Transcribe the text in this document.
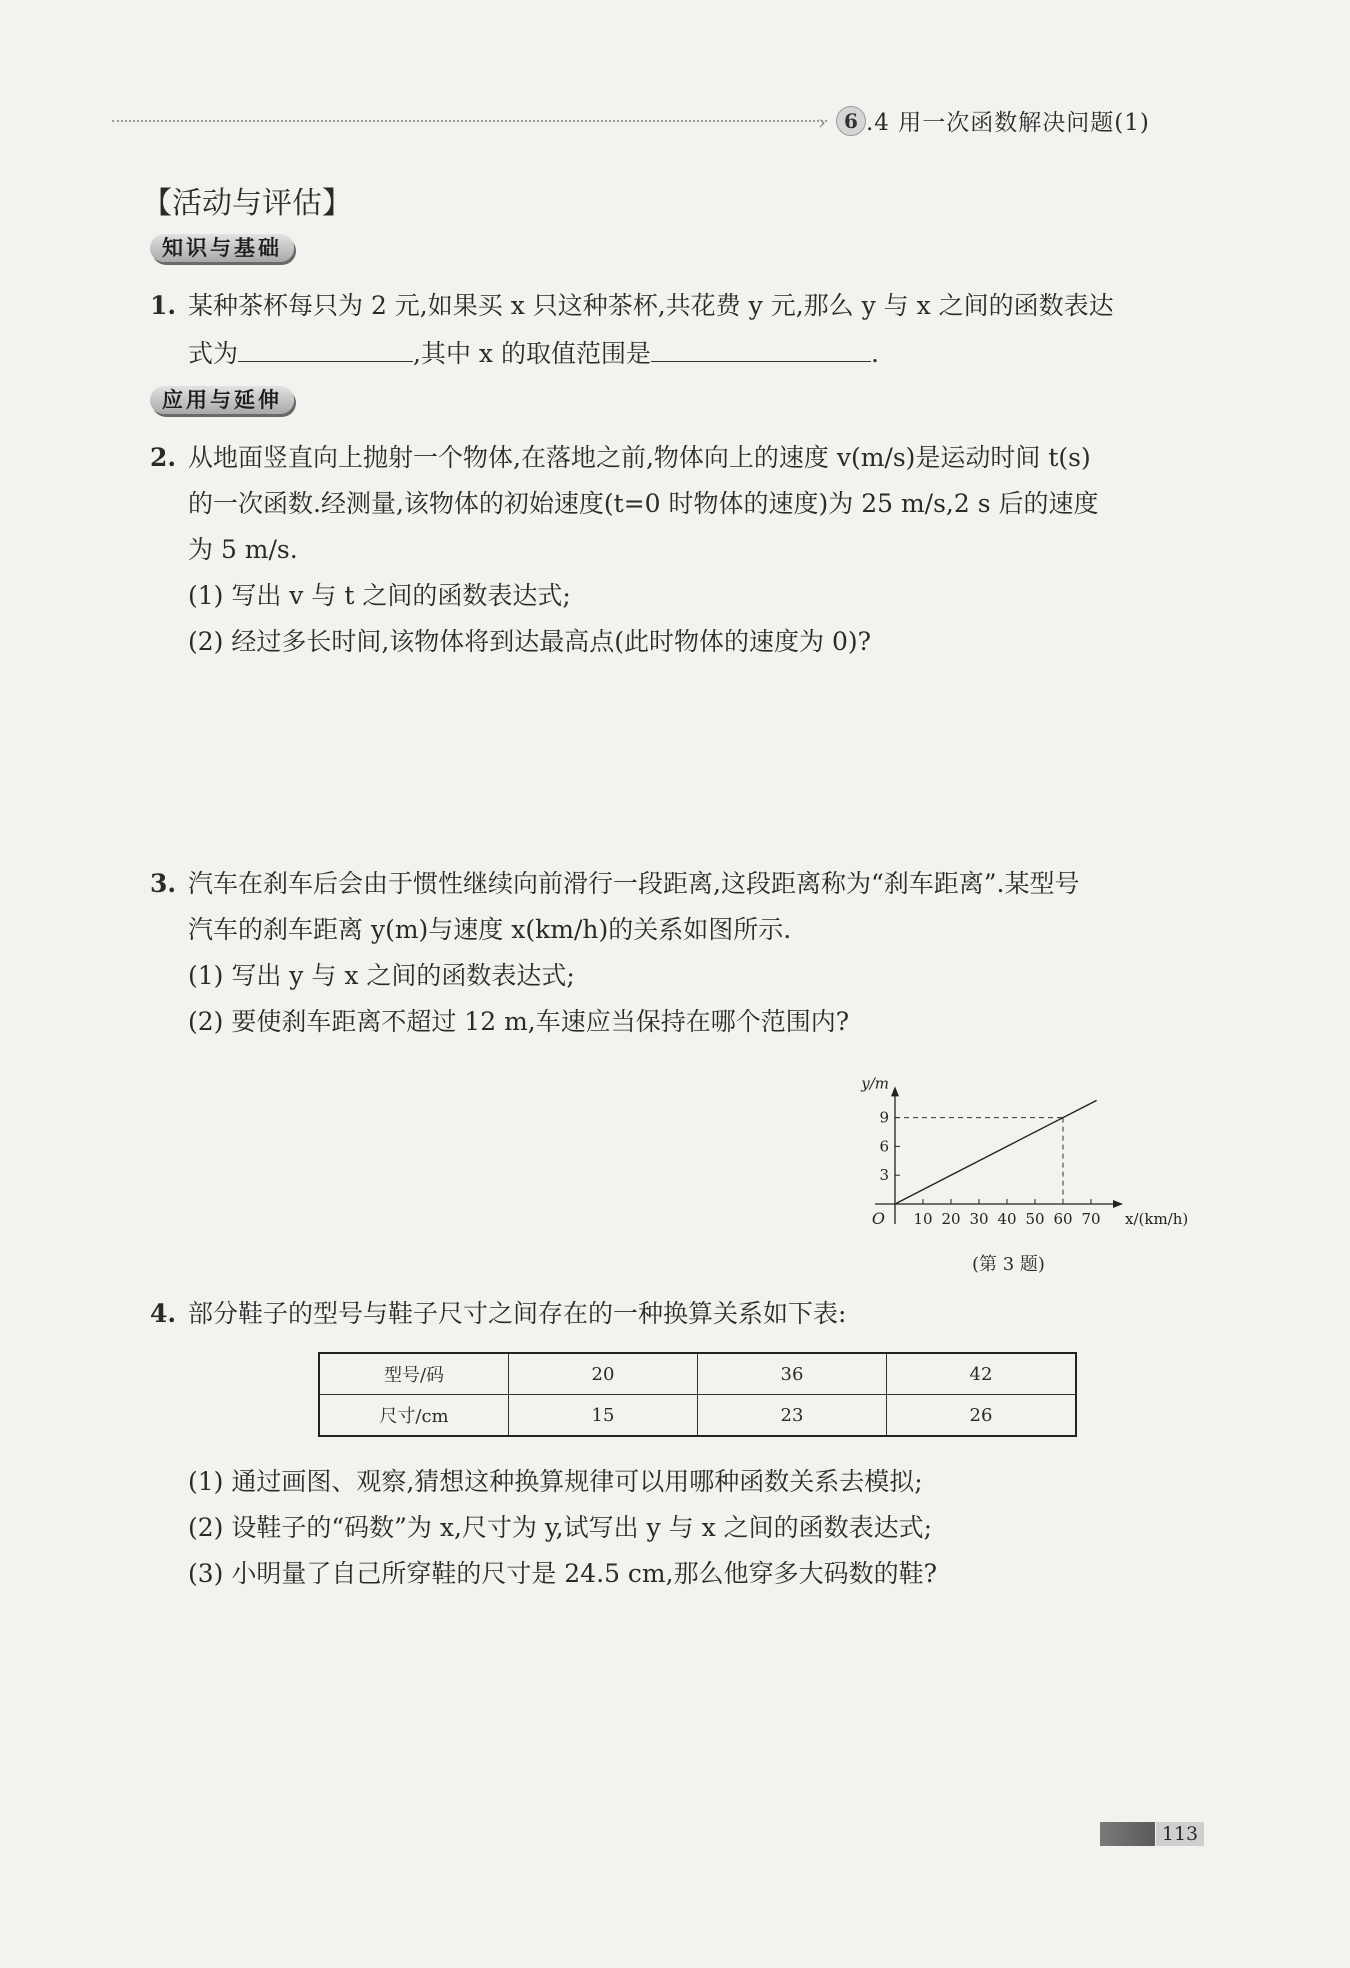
› 6 .4 用一次函数解决问题(1)
【活动与评估】
知识与基础
1. 某种茶杯每只为 2 元,如果买 x 只这种茶杯,共花费 y 元,那么 y 与 x 之间的函数表达
式为	,其中 x 的取值范围是	.
应用与延伸
2. 从地面竖直向上抛射一个物体,在落地之前,物体向上的速度 v(m/s)是运动时间 t(s)
的一次函数.经测量,该物体的初始速度(t=0 时物体的速度)为 25 m/s,2 s 后的速度
为 5 m/s.
(1) 写出 v 与 t 之间的函数表达式;
(2) 经过多长时间,该物体将到达最高点(此时物体的速度为 0)?
3. 汽车在刹车后会由于惯性继续向前滑行一段距离,这段距离称为“刹车距离”.某型号
汽车的刹车距离 y(m)与速度 x(km/h)的关系如图所示.
(1) 写出 y 与 x 之间的函数表达式;
(2) 要使刹车距离不超过 12 m,车速应当保持在哪个范围内?
10 20 30 40 50 60 70
3
6
9
O
y/m
x/(km/h)
(第 3 题)
4. 部分鞋子的型号与鞋子尺寸之间存在的一种换算关系如下表:
型号/码	20	36	42
尺寸/cm	15	23	26
(1) 通过画图、观察,猜想这种换算规律可以用哪种函数关系去模拟;
(2) 设鞋子的“码数”为 x,尺寸为 y,试写出 y 与 x 之间的函数表达式;
(3) 小明量了自己所穿鞋的尺寸是 24.5 cm,那么他穿多大码数的鞋?
113
